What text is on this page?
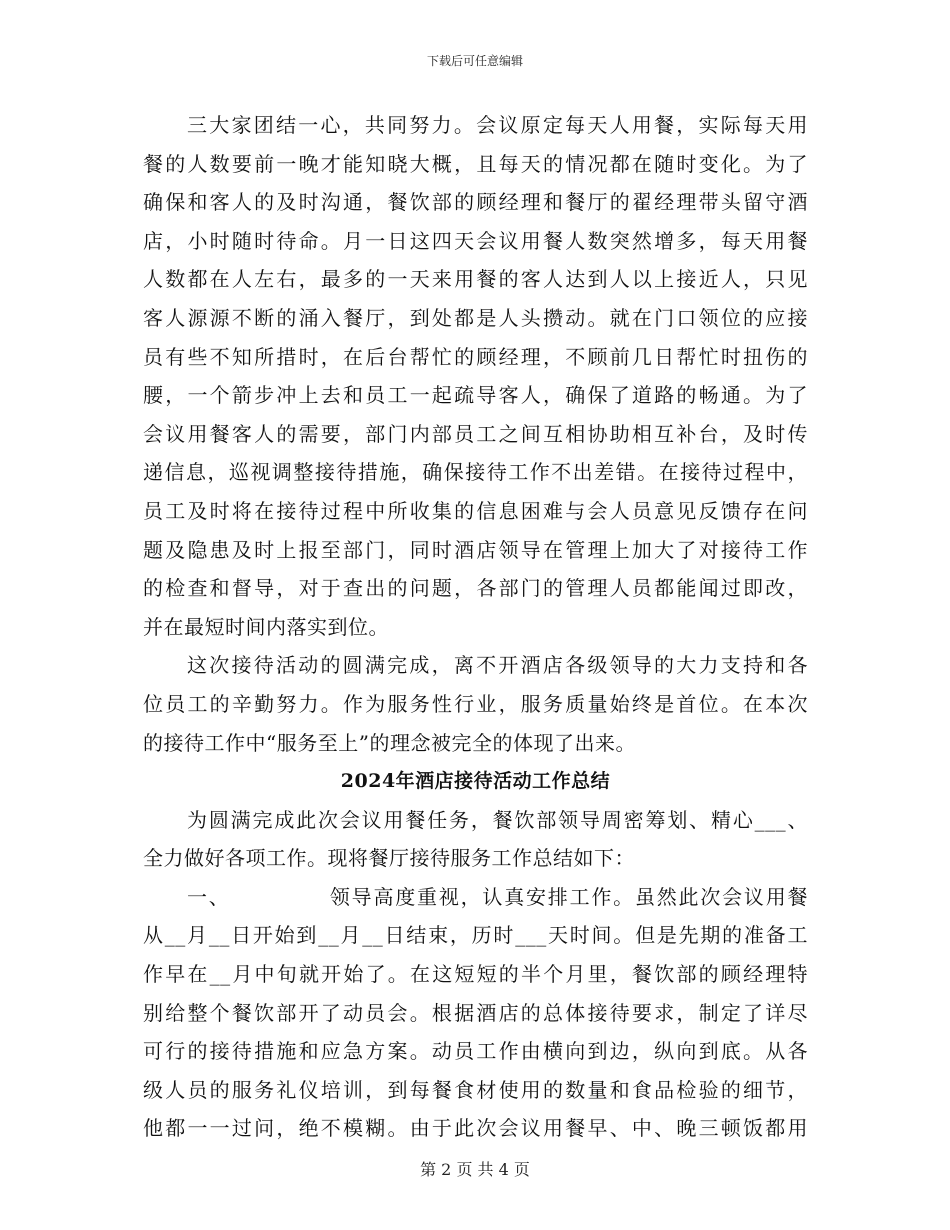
下载后可任意编辑
三大家团结一心，共同努力。会议原定每天人用餐，实际每天用
餐的人数要前一晚才能知晓大概，且每天的情况都在随时变化。为了
确保和客人的及时沟通，餐饮部的顾经理和餐厅的翟经理带头留守酒
店，小时随时待命。月一日这四天会议用餐人数突然增多，每天用餐
人数都在人左右，最多的一天来用餐的客人达到人以上接近人，只见
客人源源不断的涌入餐厅，到处都是人头攒动。就在门口领位的应接
员有些不知所措时，在后台帮忙的顾经理，不顾前几日帮忙时扭伤的
腰，一个箭步冲上去和员工一起疏导客人，确保了道路的畅通。为了
会议用餐客人的需要，部门内部员工之间互相协助相互补台，及时传
递信息，巡视调整接待措施，确保接待工作不出差错。在接待过程中，
员工及时将在接待过程中所收集的信息困难与会人员意见反馈存在问
题及隐患及时上报至部门，同时酒店领导在管理上加大了对接待工作
的检查和督导，对于查出的问题，各部门的管理人员都能闻过即改，
并在最短时间内落实到位。
这次接待活动的圆满完成，离不开酒店各级领导的大力支持和各
位员工的辛勤努力。作为服务性行业，服务质量始终是首位。在本次
的接待工作中“服务至上”的理念被完全的体现了出来。
2024年酒店接待活动工作总结
为圆满完成此次会议用餐任务，餐饮部领导周密筹划、精心___、
全力做好各项工作。现将餐厅接待服务工作总结如下：
一、	领导高度重视，认真安排工作。虽然此次会议用餐
从__月__日开始到__月__日结束，历时___天时间。但是先期的准备工
作早在__月中旬就开始了。在这短短的半个月里，餐饮部的顾经理特
别给整个餐饮部开了动员会。根据酒店的总体接待要求，制定了详尽
可行的接待措施和应急方案。动员工作由横向到边，纵向到底。从各
级人员的服务礼仪培训，到每餐食材使用的数量和食品检验的细节，
他都一一过问，绝不模糊。由于此次会议用餐早、中、晚三顿饭都用
第 2 页 共 4 页
